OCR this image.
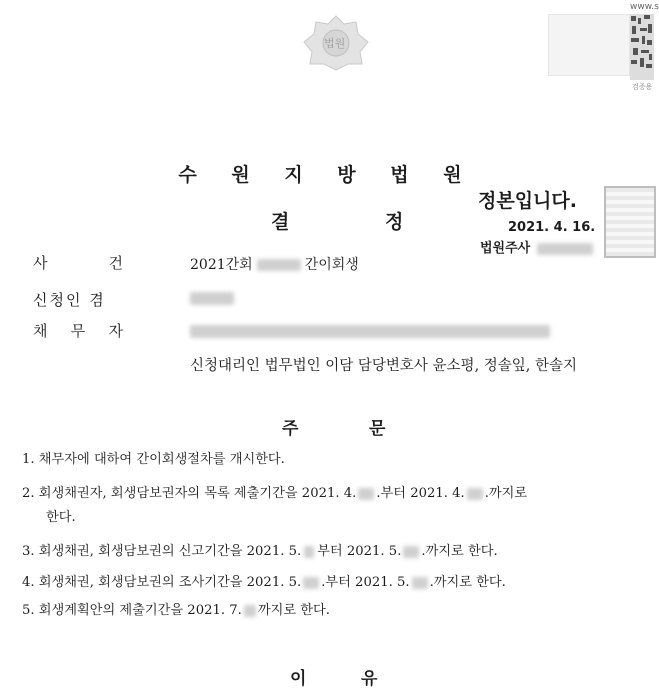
법원
www.s
검증용
수 원 지 방 법 원
결	정
정본입니다.
2021. 4. 16.
법원주사
사 건	2021간회	간이회생
신청인 겸
채 무 자
신청대리인 법무법인 이담 담당변호사 윤소평, 정솔잎, 한솔지
주	문
1. 채무자에 대하여 간이회생절차를 개시한다.
2. 회생채권자, 회생담보권자의 목록 제출기간을 2021. 4. .부터 2021. 4. .까지로
한다.
3. 회생채권, 회생담보권의 신고기간을 2021. 5. 부터 2021. 5. .까지로 한다.
4. 회생채권, 회생담보권의 조사기간을 2021. 5. .부터 2021. 5. .까지로 한다.
5. 회생계획안의 제출기간을 2021. 7. 까지로 한다.
이	유
